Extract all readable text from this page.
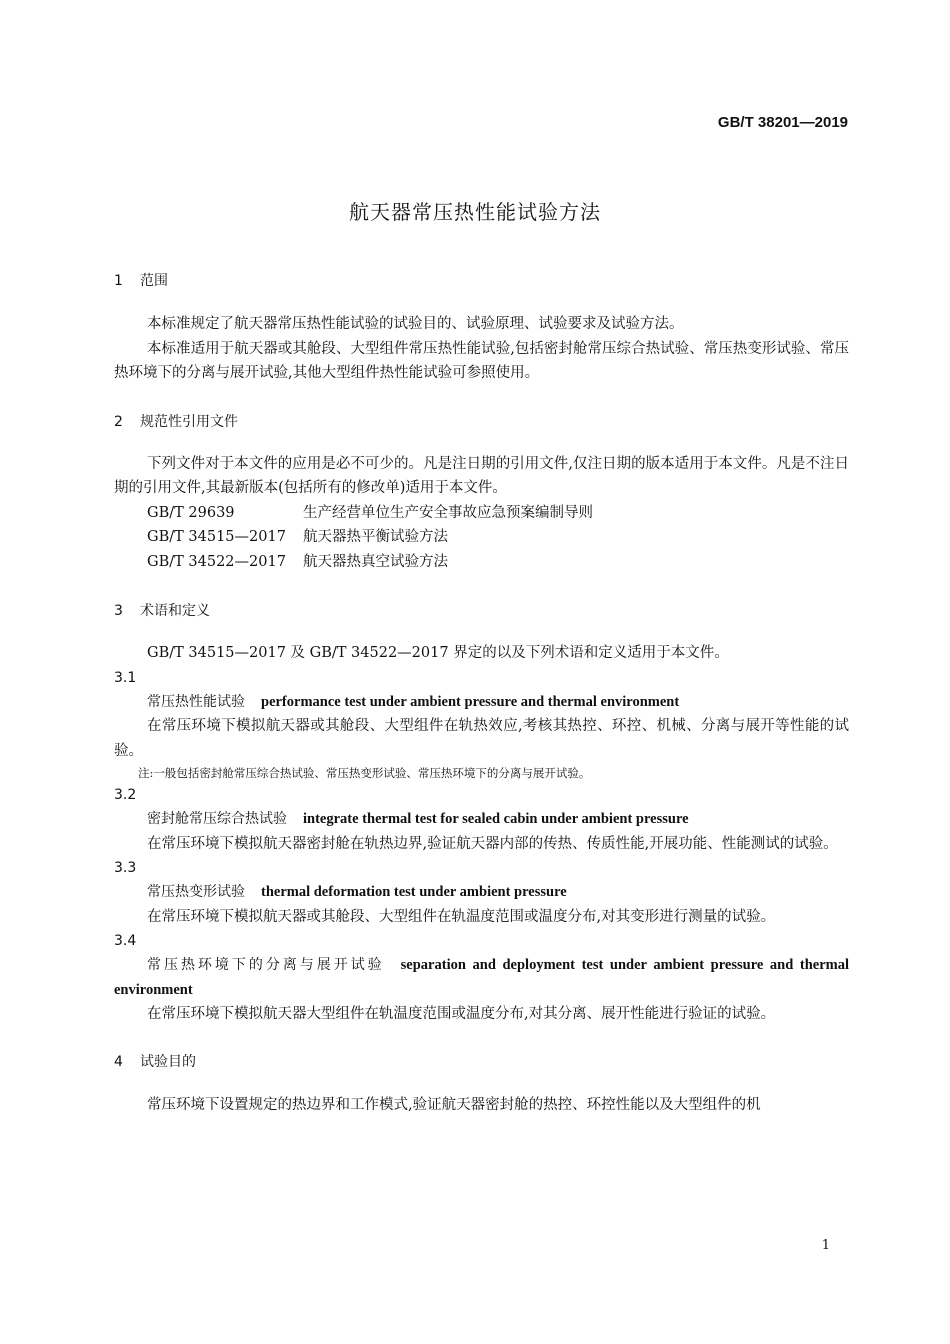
GB/T 38201—2019
航天器常压热性能试验方法
1 范围

本标准规定了航天器常压热性能试验的试验目的、试验原理、试验要求及试验方法。

本标准适用于航天器或其舱段、大型组件常压热性能试验,包括密封舱常压综合热试验、常压热变形试验、常压热环境下的分离与展开试验,其他大型组件热性能试验可参照使用。

2 规范性引用文件

下列文件对于本文件的应用是必不可少的。凡是注日期的引用文件,仅注日期的版本适用于本文件。凡是不注日期的引用文件,其最新版本(包括所有的修改单)适用于本文件。

GB/T 29639	生产经营单位生产安全事故应急预案编制导则

GB/T 34515—2017 航天器热平衡试验方法

GB/T 34522—2017 航天器热真空试验方法

3 术语和定义

GB/T 34515—2017 及 GB/T 34522—2017 界定的以及下列术语和定义适用于本文件。

3.1

常压热性能试验 performance test under ambient pressure and thermal environment

在常压环境下模拟航天器或其舱段、大型组件在轨热效应,考核其热控、环控、机械、分离与展开等性能的试验。

注:一般包括密封舱常压综合热试验、常压热变形试验、常压热环境下的分离与展开试验。
3.2

密封舱常压综合热试验 integrate thermal test for sealed cabin under ambient pressure

在常压环境下模拟航天器密封舱在轨热边界,验证航天器内部的传热、传质性能,开展功能、性能测试的试验。

3.3

常压热变形试验 thermal deformation test under ambient pressure

在常压环境下模拟航天器或其舱段、大型组件在轨温度范围或温度分布,对其变形进行测量的试验。

3.4

常压热环境下的分离与展开试验 separation and deployment test under ambient pressure and thermal environment

在常压环境下模拟航天器大型组件在轨温度范围或温度分布,对其分离、展开性能进行验证的试验。

4 试验目的

常压环境下设置规定的热边界和工作模式,验证航天器密封舱的热控、环控性能以及大型组件的机

1
